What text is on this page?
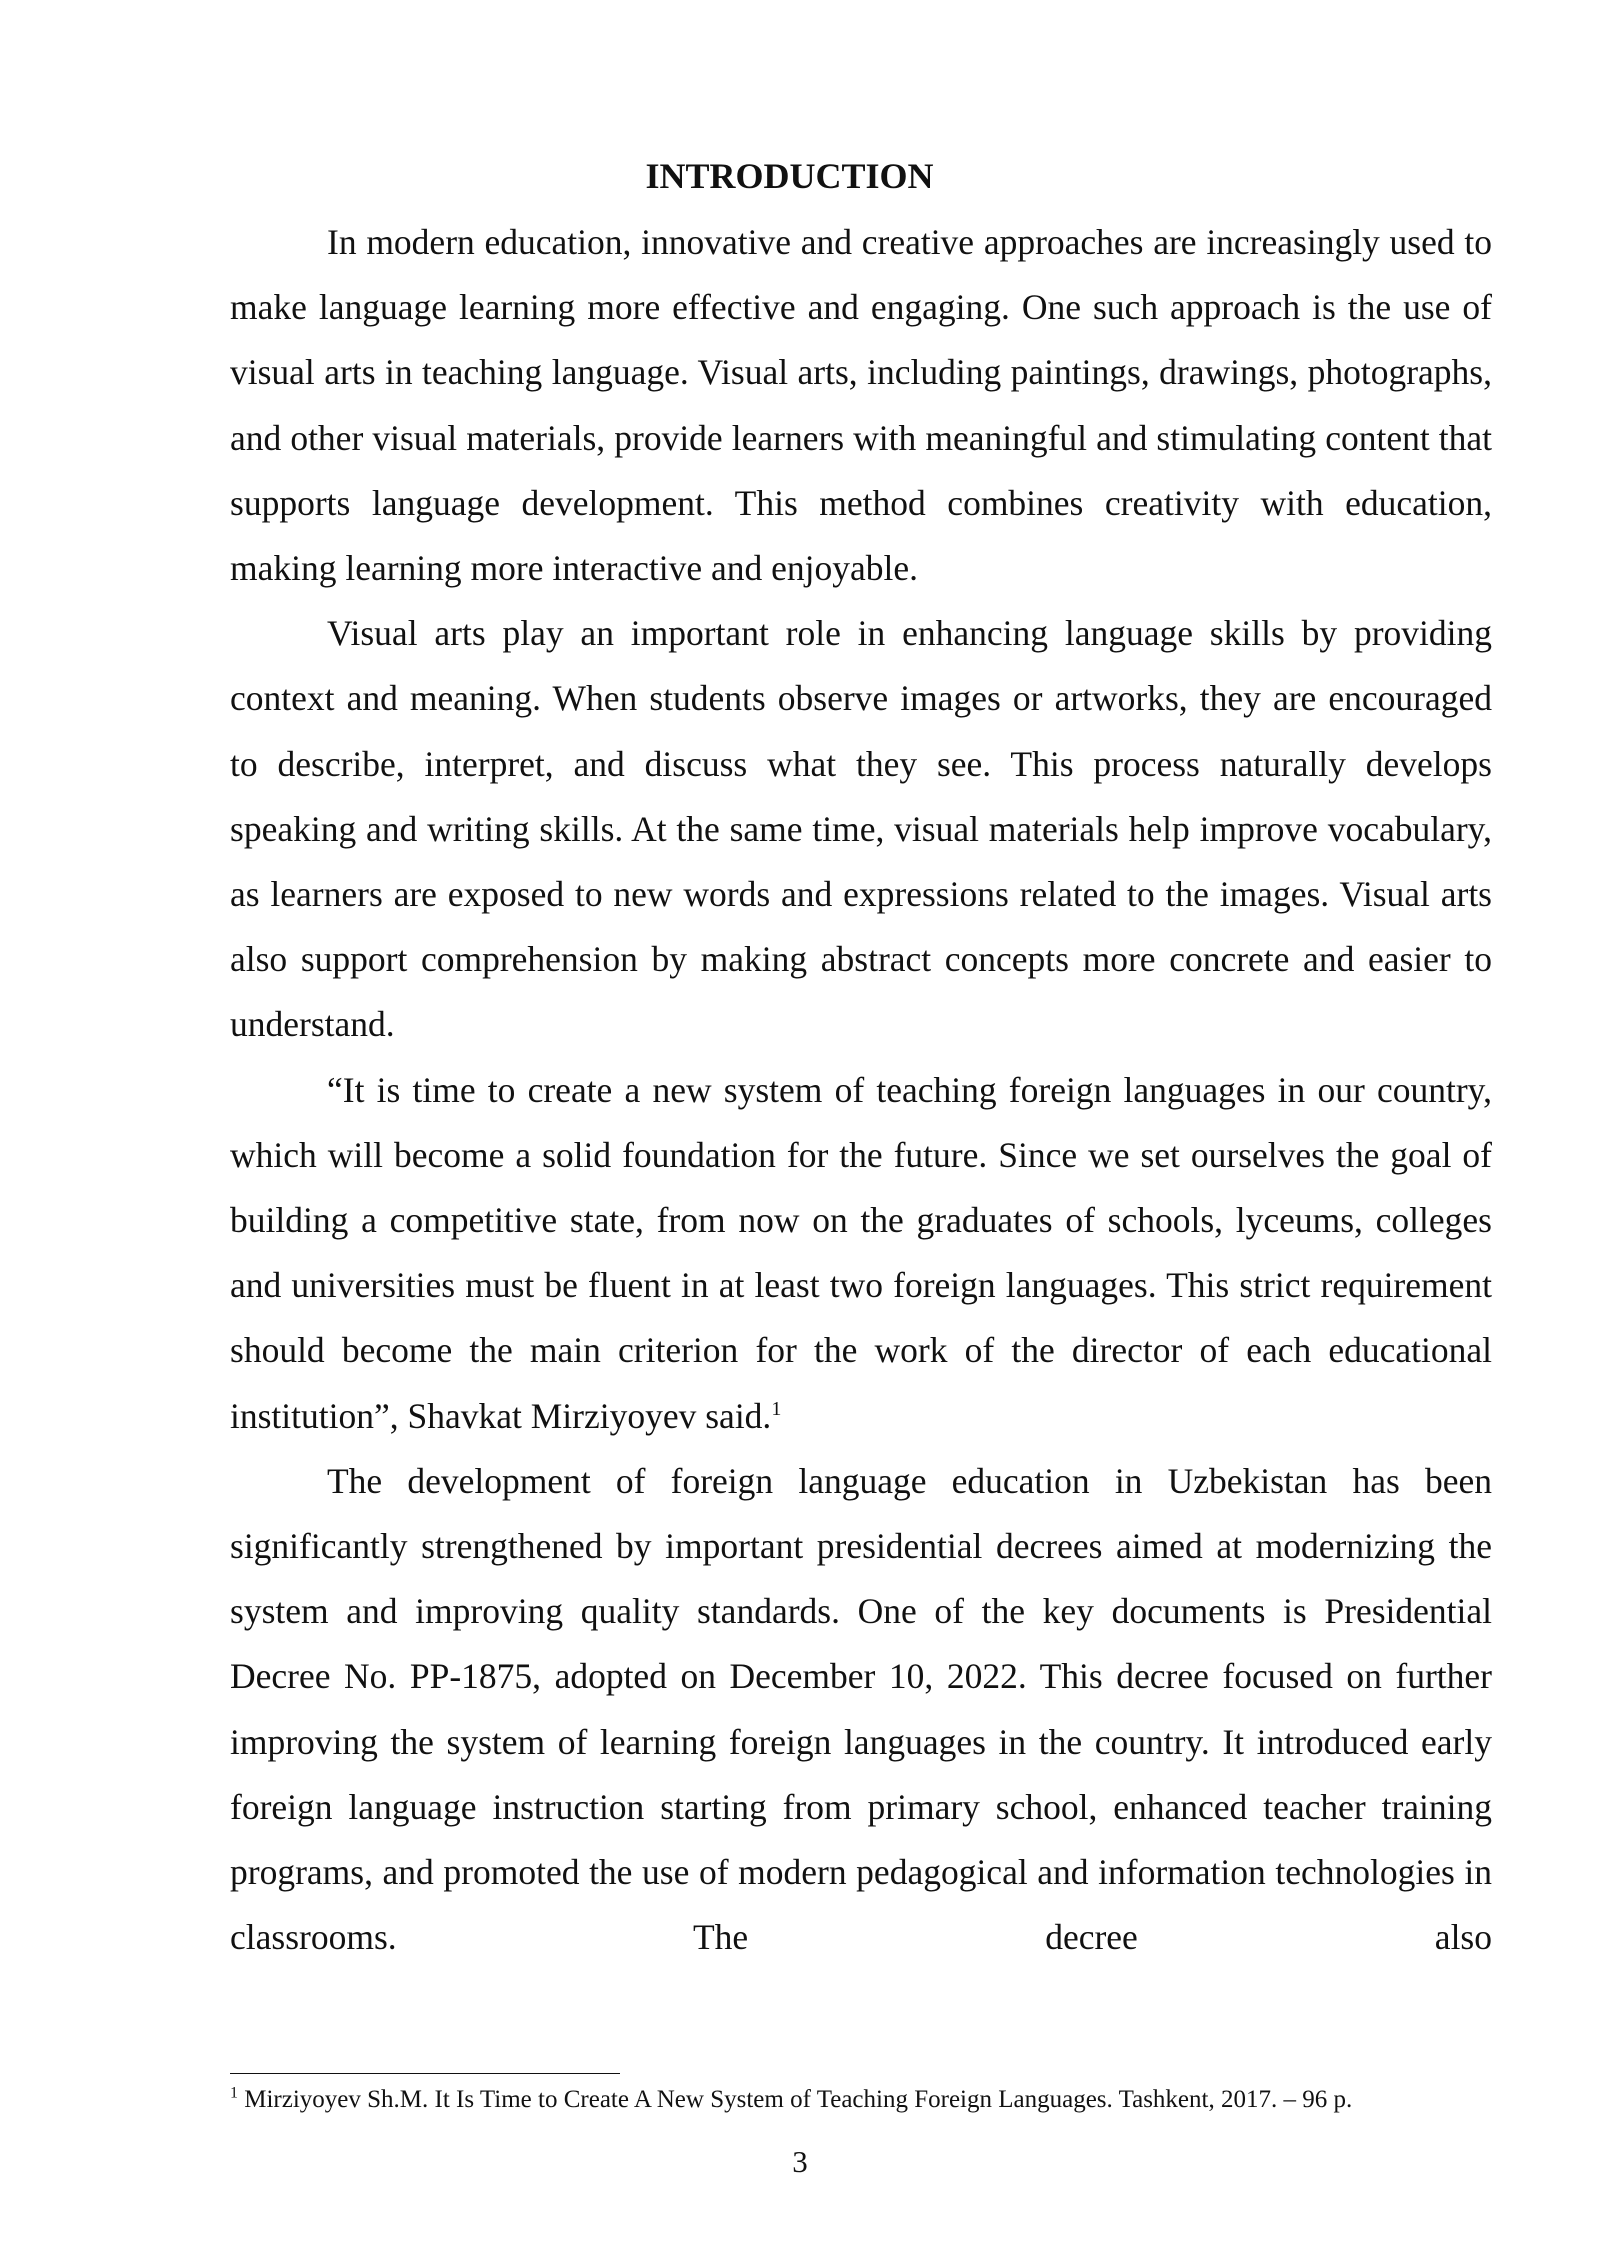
INTRODUCTION

In modern education, innovative and creative approaches are increasingly used to make language learning more effective and engaging. One such approach is the use of visual arts in teaching language. Visual arts, including paintings, drawings, photographs, and other visual materials, provide learners with meaningful and stimulating content that supports language development. This method combines creativity with education, making learning more interactive and enjoyable.

Visual arts play an important role in enhancing language skills by providing context and meaning. When students observe images or artworks, they are encouraged to describe, interpret, and discuss what they see. This process naturally develops speaking and writing skills. At the same time, visual materials help improve vocabulary, as learners are exposed to new words and expressions related to the images. Visual arts also support comprehension by making abstract concepts more concrete and easier to understand.

“It is time to create a new system of teaching foreign languages in our country, which will become a solid foundation for the future. Since we set ourselves the goal of building a competitive state, from now on the graduates of schools, lyceums, colleges and universities must be fluent in at least two foreign languages. This strict requirement should become the main criterion for the work of the director of each educational institution”, Shavkat Mirziyoyev said.$^1$

The development of foreign language education in Uzbekistan has been significantly strengthened by important presidential decrees aimed at modernizing the system and improving quality standards. One of the key documents is Presidential Decree No. PP-1875, adopted on December 10, 2022. This decree focused on further improving the system of learning foreign languages in the country. It introduced early foreign language instruction starting from primary school, enhanced teacher training programs, and promoted the use of modern pedagogical and information technologies in classrooms. The decree also

$^1$ Mirziyoyev Sh.M. It Is Time to Create A New System of Teaching Foreign Languages. Tashkent, 2017. – 96 p.
3
